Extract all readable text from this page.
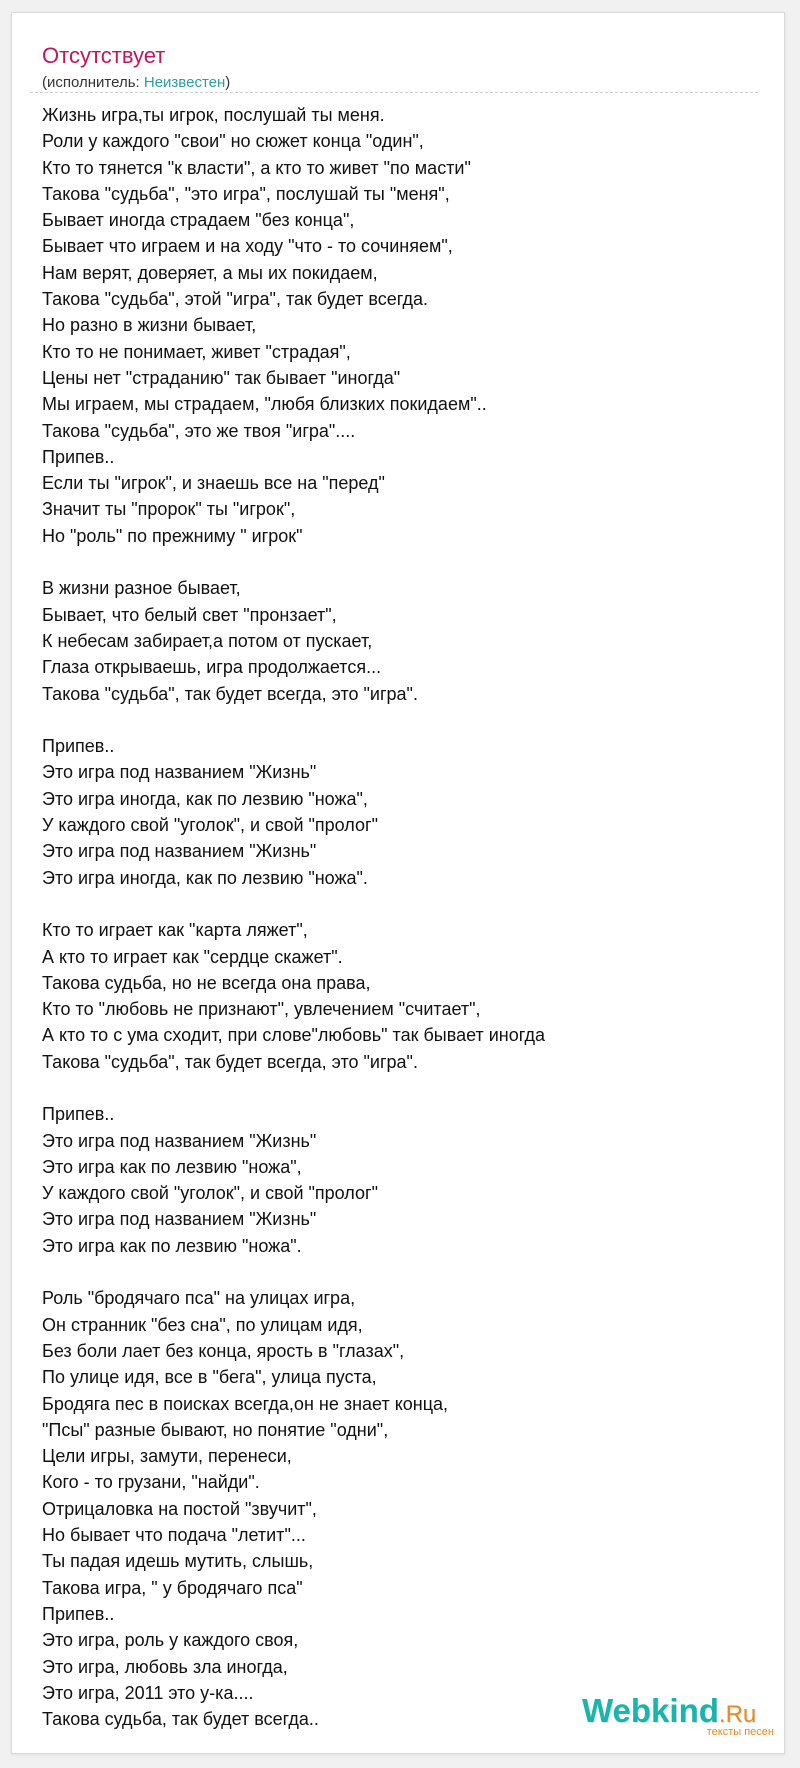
Отсутствует
(исполнитель: Неизвестен)
Жизнь игра,ты игрок, послушай ты меня.
Роли у каждого "свои" но сюжет конца "один",
Кто то тянется "к власти", а кто то живет "по масти"
Такова "судьба", "это игра", послушай ты "меня",
Бывает иногда страдаем "без конца",
Бывает что играем и на ходу "что - то сочиняем",
Нам верят, доверяет, а мы их покидаем,
Такова "судьба", этой "игра", так будет всегда.
Но разно в жизни бывает,
Кто то не понимает, живет "страдая",
Цены нет "страданию" так бывает "иногда"
Мы играем, мы страдаем, "любя близких покидаем"..
Такова "судьба", это же твоя "игра"....
Припев..
Если ты "игрок", и знаешь все на "перед"
Значит ты "пророк" ты "игрок",
Но "роль" по прежниму " игрок"

В жизни разное бывает,
Бывает, что белый свет "пронзает",
К небесам забирает,а потом от пускает,
Глаза открываешь, игра продолжается...
Такова "судьба", так будет всегда, это "игра".

Припев..
Это игра под названием "Жизнь"
Это игра иногда, как по лезвию "ножа",
У каждого свой "уголок", и свой "пролог"
Это игра под названием "Жизнь"
Это игра иногда, как по лезвию "ножа".

Кто то играет как "карта ляжет",
А кто то играет как "сердце скажет".
Такова судьба, но не всегда она права,
Кто то "любовь не признают", увлечением "считает",
А кто то с ума сходит, при слове"любовь" так бывает иногда
Такова "судьба", так будет всегда, это "игра".

Припев..
Это игра под названием "Жизнь"
Это игра как по лезвию "ножа",
У каждого свой "уголок", и свой "пролог"
Это игра под названием "Жизнь"
Это игра как по лезвию "ножа".

Роль "бродячаго пса" на улицах игра,
Он странник "без сна", по улицам идя,
Без боли лает без конца, ярость в "глазах",
По улице идя, все в "бега", улица пуста,
Бродяга пес в поисках всегда,он не знает конца,
"Псы" разные бывают, но понятие "одни",
Цели игры, замути, перенеси,
Кого - то грузани, "найди".
Отрицаловка на постой "звучит",
Но бывает что подача "летит"...
Ты падая идешь мутить, слышь,
Такова игра, " у бродячаго пса"
Припев..
Это игра, роль у каждого своя,
Это игра, любовь зла иногда,
Это игра, 2011 это у-ка....
Такова судьба, так будет всегда..	Webkind.Ru
тексты песен
